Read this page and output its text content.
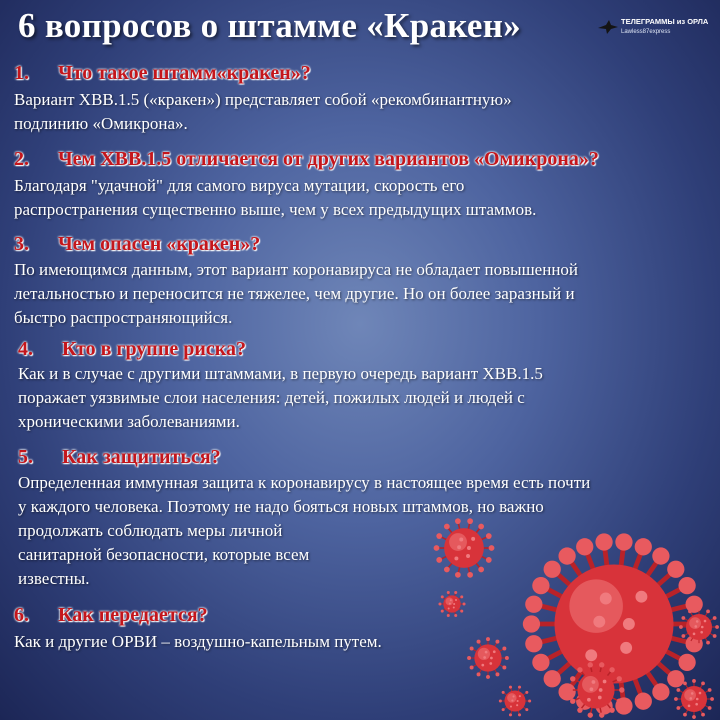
6 вопросов о штамме «Кракен»	ТЕЛЕГРАММЫ из ОРЛА
Lawless87express
1. Что такое штамм«кракен»?
Вариант XBB.1.5 («кракен») представляет собой «рекомбинантную»
подлинию «Омикрона».
2. Чем XBB.1.5 отличается от других вариантов «Омикрона»?
Благодаря "удачной" для самого вируса мутации, скорость его
распространения существенно выше, чем у всех предыдущих штаммов.
3. Чем опасен «кракен»?
По имеющимся данным, этот вариант коронавируса не обладает повышенной
летальностью и переносится не тяжелее, чем другие. Но он более заразный и
быстро распространяющийся.
4. Кто в группе риска?
Как и в случае с другими штаммами, в первую очередь вариант XBB.1.5
поражает уязвимые слои населения: детей, пожилых людей и людей с
хроническими заболеваниями.
5. Как защититься?
Определенная иммунная защита к коронавирусу в настоящее время есть почти
у каждого человека. Поэтому не надо бояться новых штаммов, но важно
продолжать соблюдать меры личной
санитарной безопасности, которые всем
известны.
6. Как передается?
Как и другие ОРВИ – воздушно-капельным путем.
